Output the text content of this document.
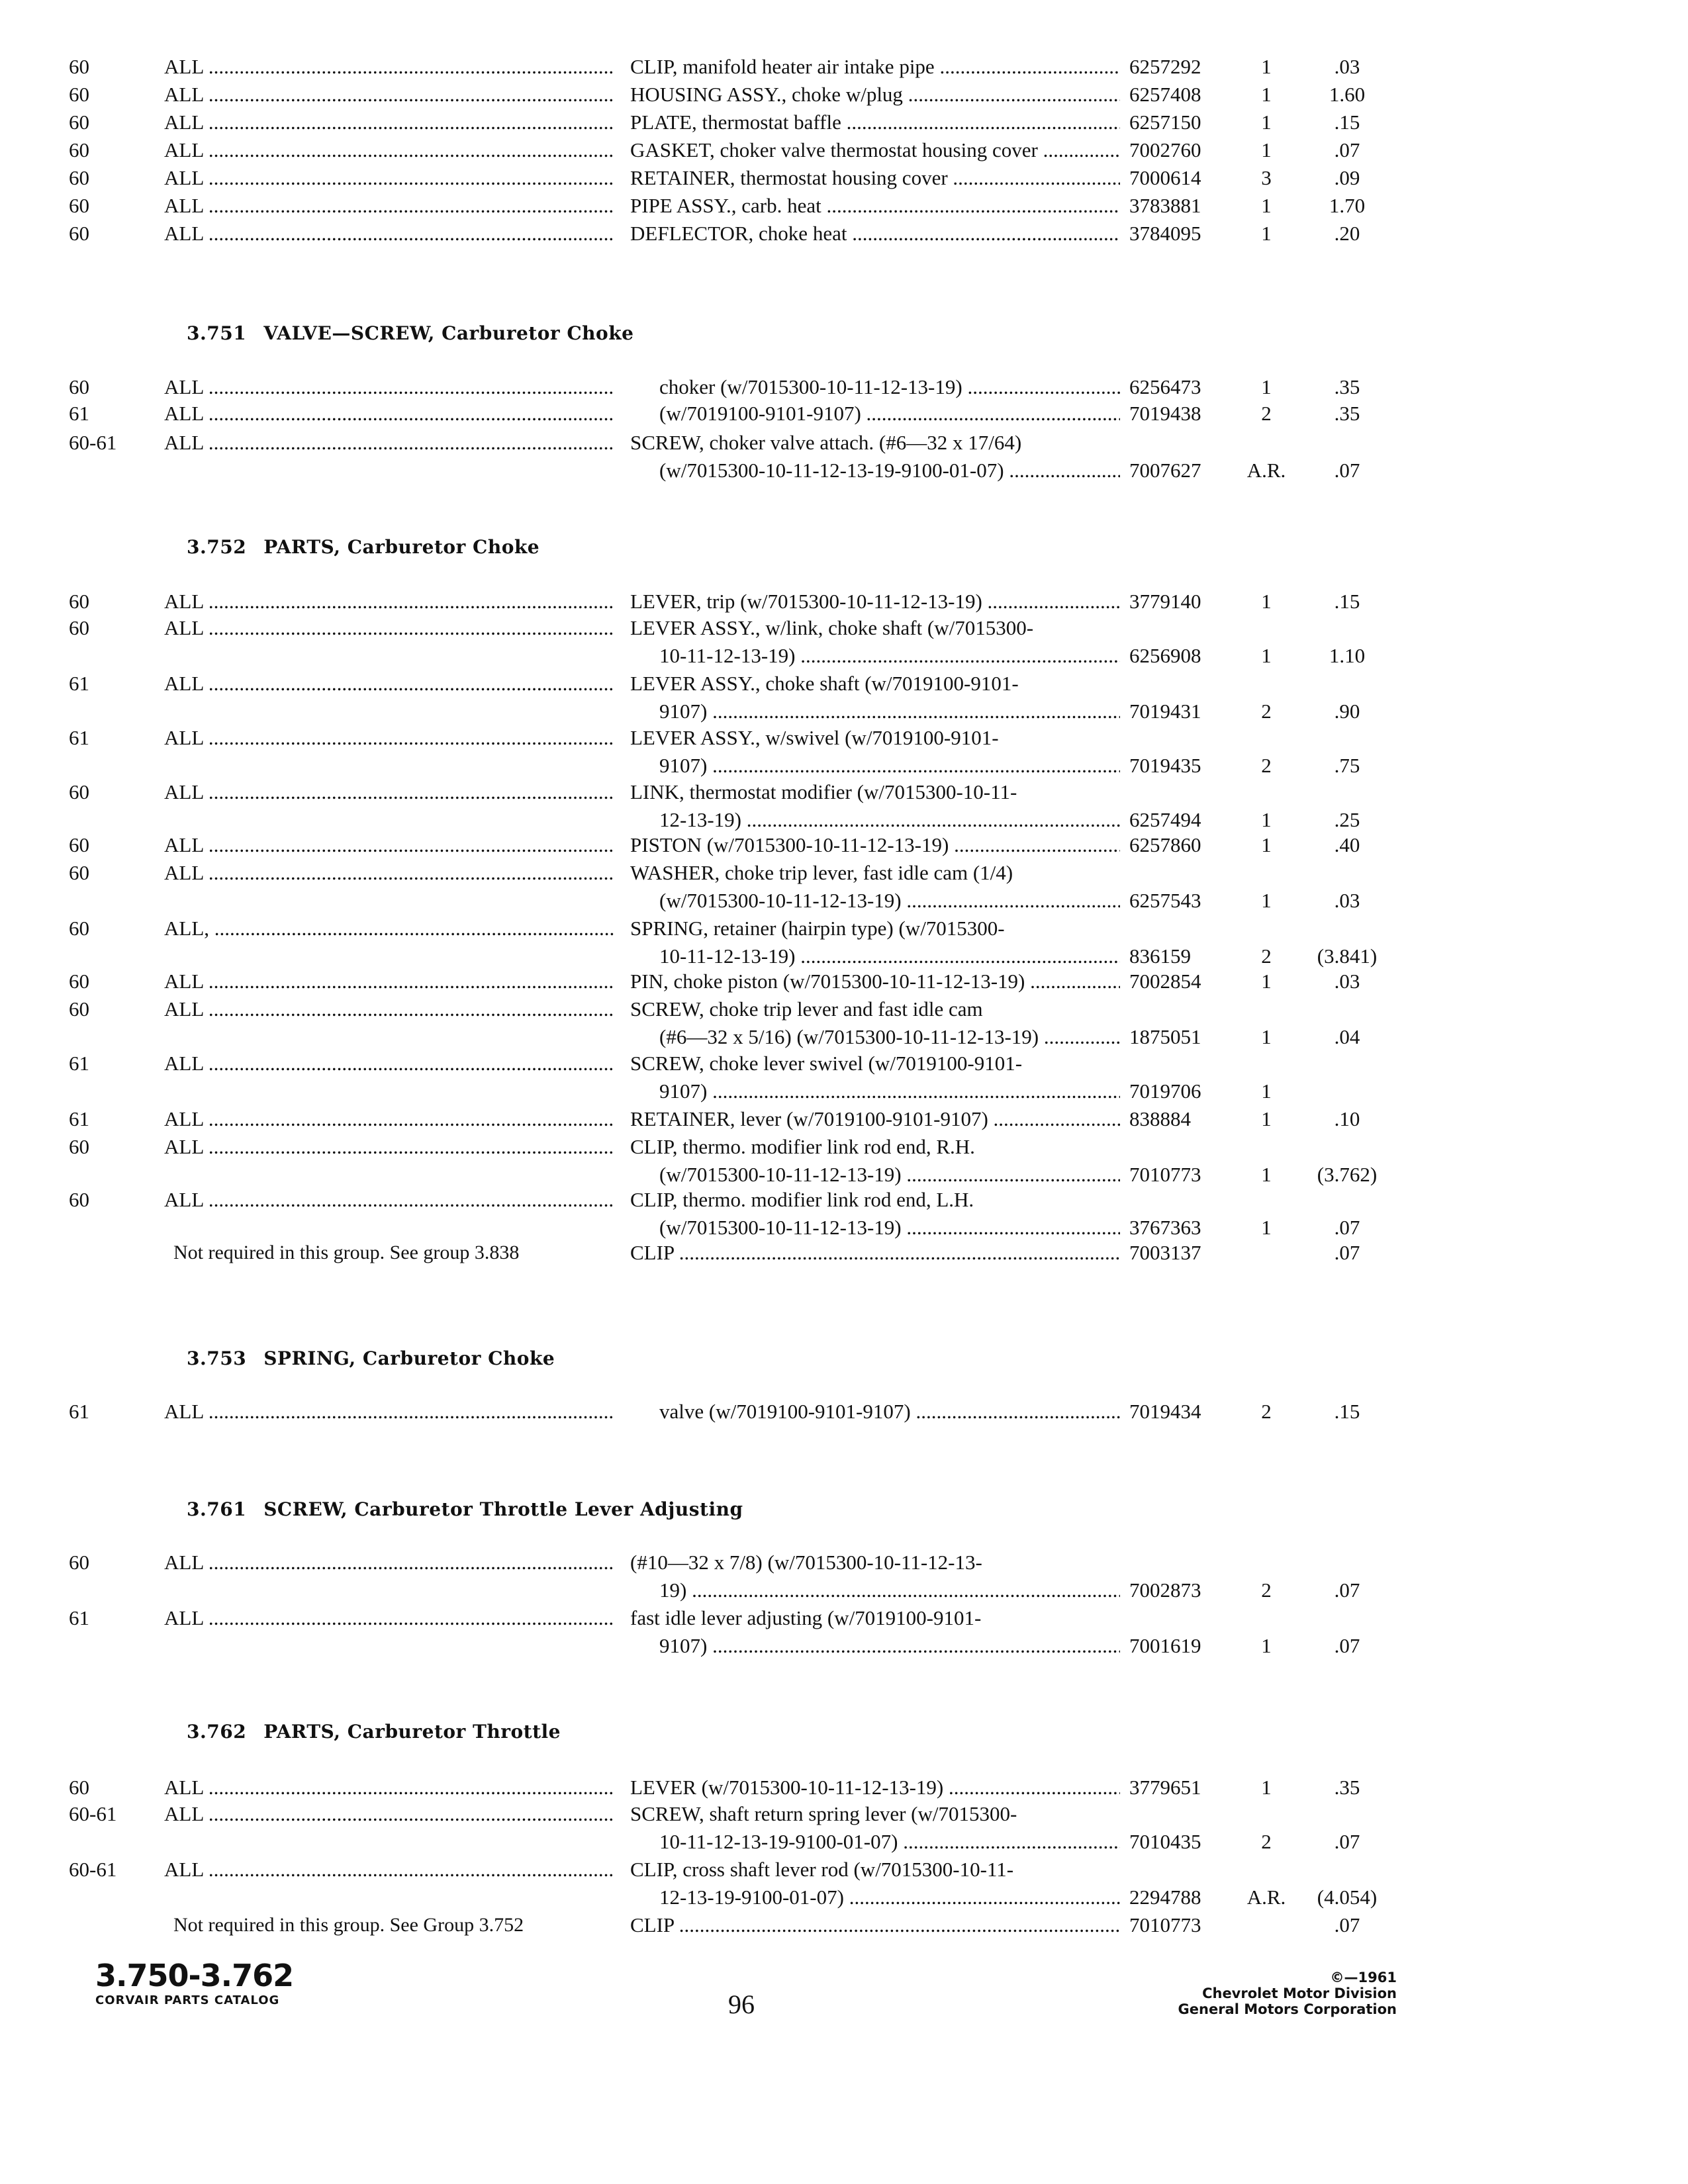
60	ALL .....	CLIP, manifold heater air intake pipe .....	6257292	1	.03
60	ALL .....	HOUSING ASSY., choke w/plug .....	6257408	1	1.60
60	ALL .....	PLATE, thermostat baffle .....	6257150	1	.15
60	ALL .....	GASKET, choker valve thermostat housing cover .....	7002760	1	.07
60	ALL .....	RETAINER, thermostat housing cover .....	7000614	3	.09
60	ALL .....	PIPE ASSY., carb. heat .....	3783881	1	1.70
60	ALL .....	DEFLECTOR, choke heat .....	3784095	1	.20
3.751 VALVE—SCREW, Carburetor Choke
60	ALL .....	choker (w/7015300-10-11-12-13-19) .....	6256473	1	.35
61	ALL .....	(w/7019100-9101-9107) .....	7019438	2	.35
60-61 ALL .....	SCREW, choker valve attach. (#6—32 x 17/64)
(w/7015300-10-11-12-13-19-9100-01-07) .....	7007627	A.R.	.07
3.752 PARTS, Carburetor Choke
60	ALL .....	LEVER, trip (w/7015300-10-11-12-13-19) .....	3779140	1	.15
60	ALL .....	LEVER ASSY., w/link, choke shaft (w/7015300-
10-11-12-13-19) .....	6256908	1	1.10
61	ALL .....	LEVER ASSY., choke shaft (w/7019100-9101-
9107) .....	7019431	2	.90
61	ALL .....	LEVER ASSY., w/swivel (w/7019100-9101-
9107) .....	7019435	2	.75
60	ALL .....	LINK, thermostat modifier (w/7015300-10-11-
12-13-19) .....	6257494	1	.25
60	ALL .....	PISTON (w/7015300-10-11-12-13-19) .....	6257860	1	.40
60	ALL .....	WASHER, choke trip lever, fast idle cam (1/4)
(w/7015300-10-11-12-13-19) .....	6257543	1	.03
60	ALL, .....	SPRING, retainer (hairpin type) (w/7015300-
10-11-12-13-19) .....	836159	2	(3.841)
60	ALL .....	PIN, choke piston (w/7015300-10-11-12-13-19) .....	7002854	1	.03
60	ALL .....	SCREW, choke trip lever and fast idle cam
(#6—32 x 5/16) (w/7015300-10-11-12-13-19) .....	1875051	1	.04
61	ALL .....	SCREW, choke lever swivel (w/7019100-9101-
9107) .....	7019706	1
61	ALL .....	RETAINER, lever (w/7019100-9101-9107) .....	838884	1	.10
60	ALL .....	CLIP, thermo. modifier link rod end, R.H.
(w/7015300-10-11-12-13-19) .....	7010773	1	(3.762)
60	ALL .....	CLIP, thermo. modifier link rod end, L.H.
(w/7015300-10-11-12-13-19) .....	3767363	1	.07
Not required in this group. See group 3.838	CLIP .....	7003137	.07
3.753 SPRING, Carburetor Choke
61	ALL .....	valve (w/7019100-9101-9107) .....	7019434	2	.15
3.761 SCREW, Carburetor Throttle Lever Adjusting
60	ALL .....	(#10—32 x 7/8) (w/7015300-10-11-12-13-
19) .....	7002873	2	.07
61	ALL .....	fast idle lever adjusting (w/7019100-9101-
9107) .....	7001619	1	.07
3.762 PARTS, Carburetor Throttle
60	ALL .....	LEVER (w/7015300-10-11-12-13-19) .....	3779651	1	.35
60-61 ALL .....	SCREW, shaft return spring lever (w/7015300-
10-11-12-13-19-9100-01-07) .....	7010435	2	.07
60-61 ALL .....	CLIP, cross shaft lever rod (w/7015300-10-11-
12-13-19-9100-01-07) .....	2294788	A.R.	(4.054)
Not required in this group. See Group 3.752	CLIP .....	7010773	.07
3.750-3.762
CORVAIR PARTS CATALOG	96
©—1961
Chevrolet Motor Division
General Motors Corporation
